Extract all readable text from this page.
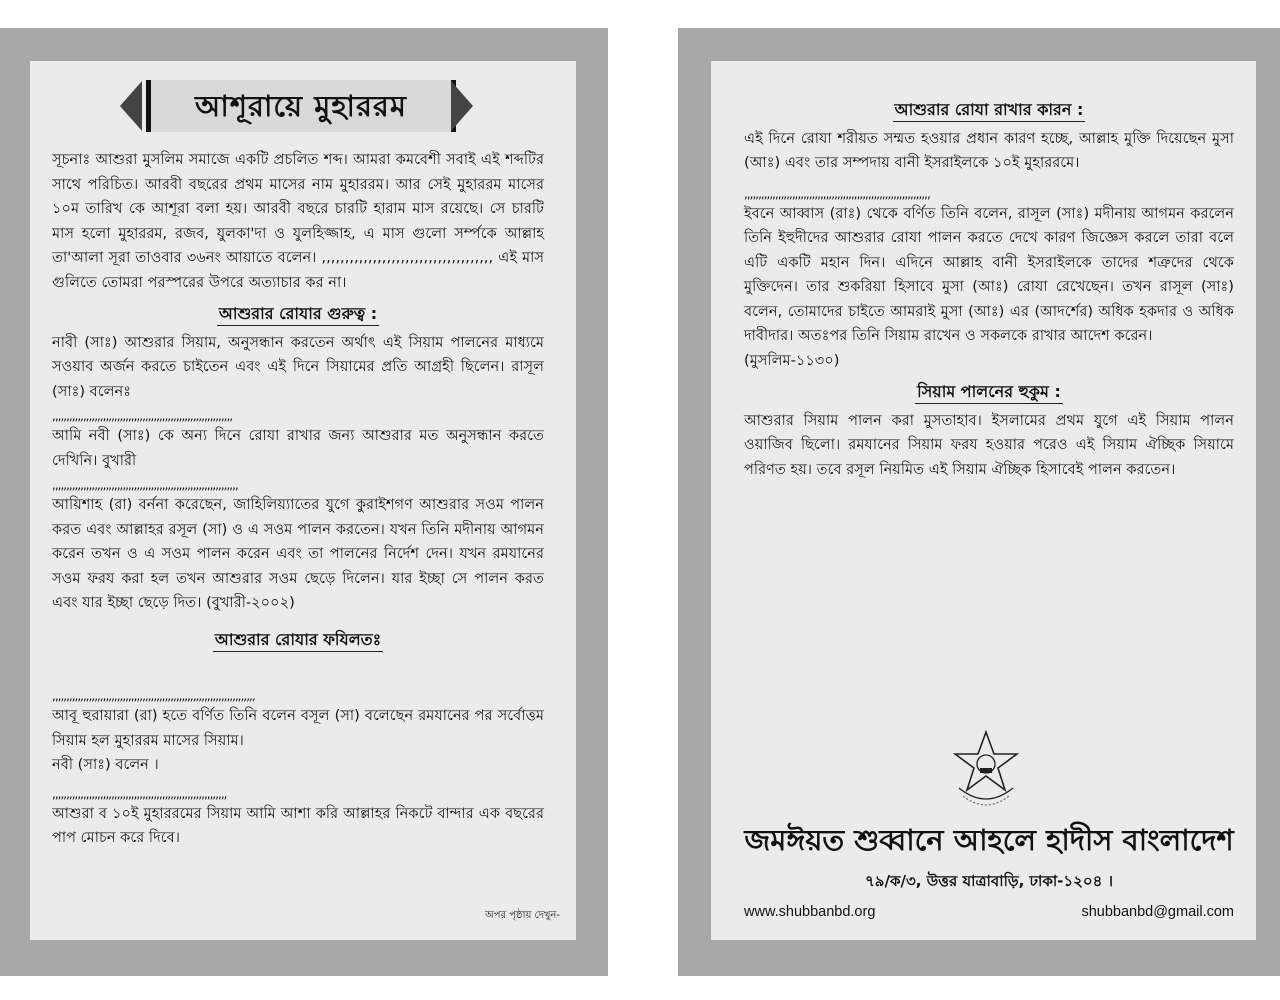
আশূরায়ে মুহাররম

সূচনাঃ আশুরা মুসলিম সমাজে একটি প্রচলিত শব্দ। আমরা কমবেশী সবাই এই শব্দটির সাথে পরিচিত। আরবী বছরের প্রথম মাসের নাম মুহাররম। আর সেই মুহাররম মাসের ১০ম তারিখ কে আশূরা বলা হয়। আরবী বছরে চারটি হারাম মাস রয়েছে। সে চারটি মাস হলো মুহাররম, রজব, যুলকা'দা ও যুলহিজ্জাহ, এ মাস গুলো সর্ম্পকে আল্লাহ তা'আলা সূরা তাওবার ৩৬নং আয়াতে বলেন। ,,,,,,,,,,,,,,,,,,,,,,,,,,,,,,,,,,,,, এই মাস গুলিতে তোমরা পরস্পরের উপরে অত্যাচার কর না।

আশুরার রোযার গুরুত্ব :

নাবী (সাঃ) আশুরার সিয়াম, অনুসন্ধান করতেন অর্থাৎ এই সিয়াম পালনের মাধ্যমে সওয়াব অর্জন করতে চাইতেন এবং এই দিনে সিয়ামের প্রতি আগ্রহী ছিলেন। রাসূল (সাঃ) বলেনঃ

,,,,,,,,,,,,,,,,,,,,,,,,,,,,,,,,,,,,,,,,,,,,,,,,,,,,,,,,,,,,,,,,

আমি নবী (সাঃ) কে অন্য দিনে রোযা রাখার জন্য আশুরার মত অনুসন্ধান করতে দেখিনি। বুখারী

,,,,,,,,,,,,,,,,,,,,,,,,,,,,,,,,,,,,,,,,,,,,,,,,,,,,,,,,,,,,,,,,,,

আয়িশাহ (রা) বর্ননা করেছেন, জাহিলিয়্যাতের যুগে কুরাইশগণ আশুরার সওম পালন করত এবং আল্লাহর রসূল (সা) ও এ সওম পালন করতেন। যখন তিনি মদীনায় আগমন করেন তখন ও এ সওম পালন করেন এবং তা পালনের নির্দেশ দেন। যখন রমযানের সওম ফরয করা হল তখন আশুরার সওম ছেড়ে দিলেন। যার ইচ্ছা সে পালন করত এবং যার ইচ্ছা ছেড়ে দিত। (বুখারী-২০০২)

আশুরার রোযার ফযিলতঃ
,,,,,,,,,,,,,,,,,,,,,,,,,,,,,,,,,,,,,,,,,,,,,,,,,,,,,,,,,,,,,,,,,,,,,,,,

আবূ হুরায়ারা (রা) হতে বর্ণিত তিনি বলেন বসূল (সা) বলেছেন রমযানের পর সর্বোত্তম সিয়াম হল মুহাররম মাসের সিয়াম।

নবী (সাঃ) বলেন ।

,,,,,,,,,,,,,,,,,,,,,,,,,,,,,,,,,,,,,,,,,,,,,,,,,,,,,,,,,,,,,,

আশুরা ব ১০ই মুহাররমের সিয়াম আমি আশা করি আল্লাহর নিকটে বান্দার এক বছরের পাপ মোচন করে দিবে।

অপর পৃষ্ঠায় দেখুন-
আশুরার রোযা রাখার কারন :

এই দিনে রোযা শরীয়ত সম্মত হওয়ার প্রধান কারণ হচ্ছে, আল্লাহ মুক্তি দিয়েছেন মুসা (আঃ) এবং তার সম্পদায় বানী ইসরাইলকে ১০ই মুহাররমে।

,,,,,,,,,,,,,,,,,,,,,,,,,,,,,,,,,,,,,,,,,,,,,,,,,,,,,,,,,,,,,,,,,,

ইবনে আব্বাস (রাঃ) থেকে বর্ণিত তিনি বলেন, রাসূল (সাঃ) মদীনায় আগমন করলেন তিনি ইহুদীদের আশুরার রোযা পালন করতে দেখে কারণ জিজ্ঞেস করলে তারা বলে এটি একটি মহান দিন। এদিনে আল্লাহ বানী ইসরাইলকে তাদের শত্রুদের থেকে মুক্তিদেন। তার শুকরিয়া হিসাবে মুসা (আঃ) রোযা রেখেছেন। তখন রাসূল (সাঃ) বলেন, তোমাদের চাইতে আমরাই মুসা (আঃ) এর (আদর্শের) অধিক হকদার ও অধিক দাবীদার। অতঃপর তিনি সিয়াম রাখেন ও সকলকে রাখার আদেশ করেন।

(মুসলিম-১১৩০)

সিয়াম পালনের হুকুম :

আশুরার সিয়াম পালন করা মুসতাহাব। ইসলামের প্রথম যুগে এই সিয়াম পালন ওয়াজিব ছিলো। রমযানের সিয়াম ফরয হওয়ার পরেও এই সিয়াম ঐচ্ছিক সিয়ামে পরিণত হয়। তবে রসূল নিয়মিত এই সিয়াম ঐচ্ছিক হিসাবেই পালন করতেন।

জমঈয়ত শুব্বানে আহলে হাদীস বাংলাদেশ
৭৯/ক/৩, উত্তর যাত্রাবাড়ি, ঢাকা-১২০৪ ।
www.shubbanbd.org	shubbanbd@gmail.com
